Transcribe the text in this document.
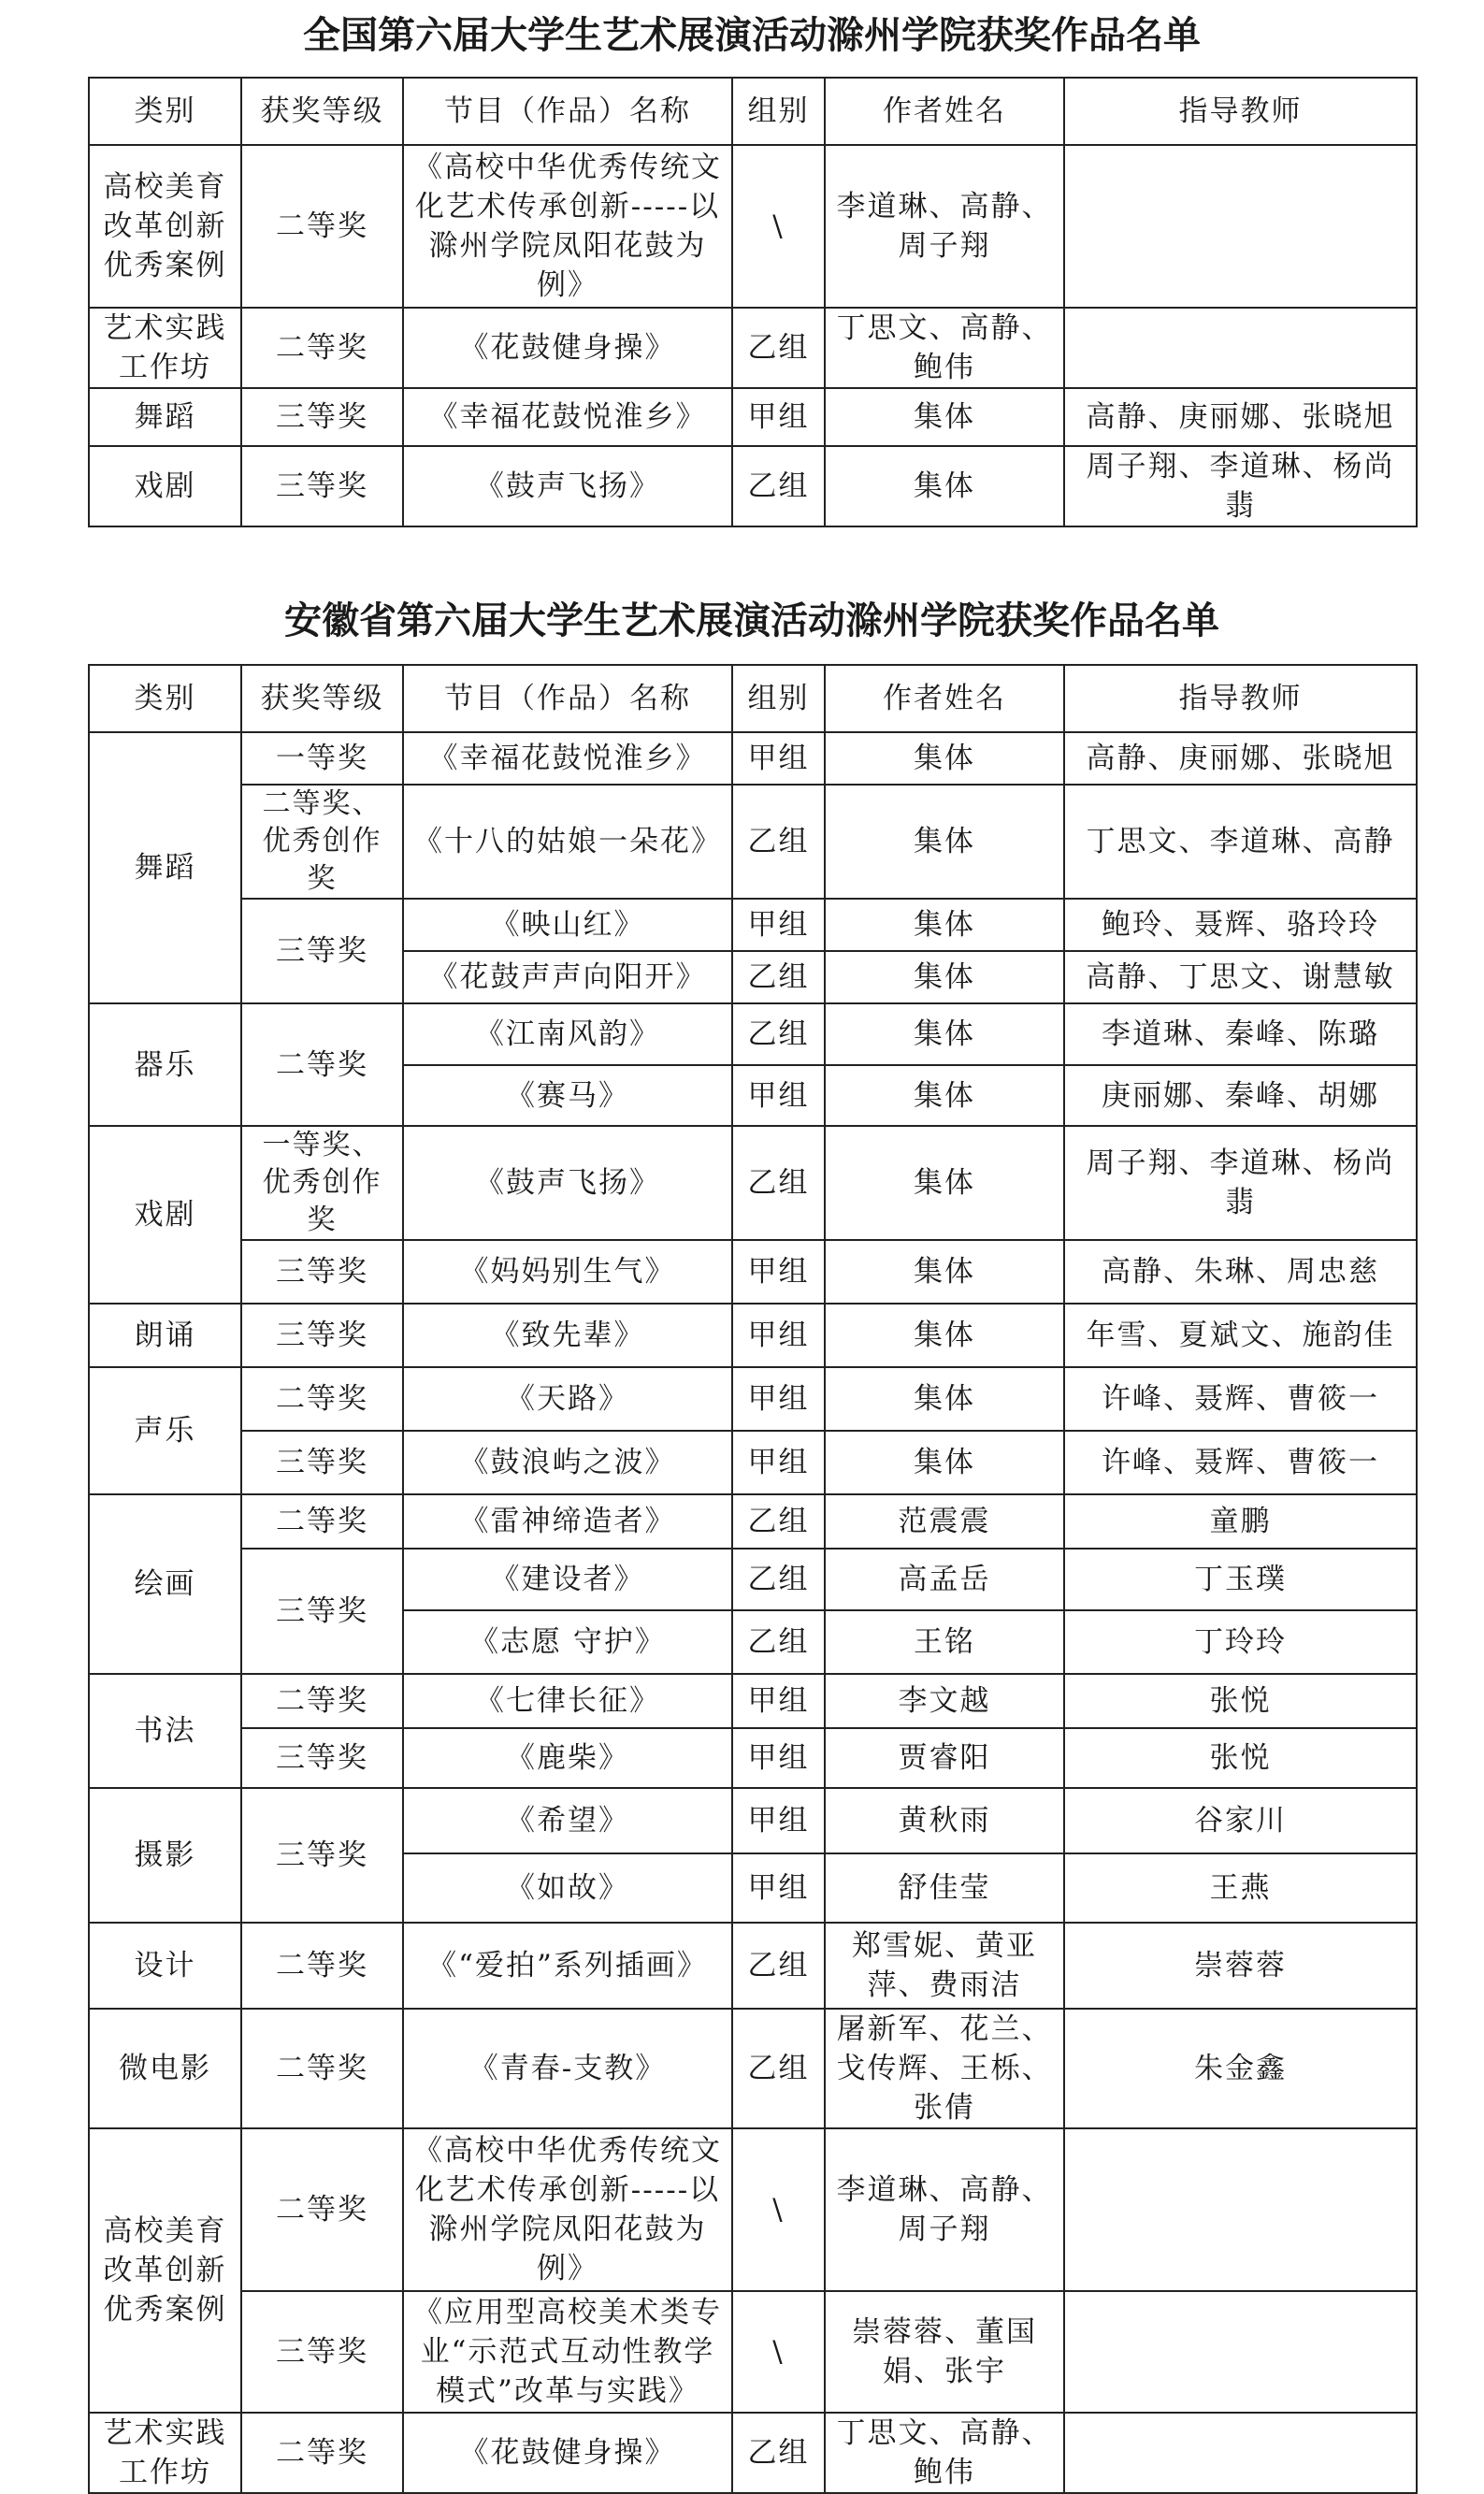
全国第六届大学生艺术展演活动滁州学院获奖作品名单
类别	获奖等级	节目（作品）名称	组别	作者姓名	指导教师
高校美育改革创新优秀案例	二等奖	《高校中华优秀传统文化艺术传承创新-----以滁州学院凤阳花鼓为例》	\	李道琳、高静、周子翔	
艺术实践工作坊	二等奖	《花鼓健身操》	乙组	丁思文、高静、鲍伟	
舞蹈	三等奖	《幸福花鼓悦淮乡》	甲组	集体	高静、庚丽娜、张晓旭
戏剧	三等奖	《鼓声飞扬》	乙组	集体	周子翔、李道琳、杨尚翡
安徽省第六届大学生艺术展演活动滁州学院获奖作品名单
类别	获奖等级	节目（作品）名称	组别	作者姓名	指导教师
舞蹈	一等奖	《幸福花鼓悦淮乡》	甲组	集体	高静、庚丽娜、张晓旭
	二等奖、优秀创作奖	《十八的姑娘一朵花》	乙组	集体	丁思文、李道琳、高静
	三等奖	《映山红》	甲组	集体	鲍玲、聂辉、骆玲玲
		《花鼓声声向阳开》	乙组	集体	高静、丁思文、谢慧敏
器乐	二等奖	《江南风韵》	乙组	集体	李道琳、秦峰、陈璐
		《赛马》	甲组	集体	庚丽娜、秦峰、胡娜
戏剧	一等奖、优秀创作奖	《鼓声飞扬》	乙组	集体	周子翔、李道琳、杨尚翡
	三等奖	《妈妈别生气》	甲组	集体	高静、朱琳、周忠慈
朗诵	三等奖	《致先辈》	甲组	集体	年雪、夏斌文、施韵佳
声乐	二等奖	《天路》	甲组	集体	许峰、聂辉、曹筱一
	三等奖	《鼓浪屿之波》	甲组	集体	许峰、聂辉、曹筱一
绘画	二等奖	《雷神缔造者》	乙组	范震震	童鹏
	三等奖	《建设者》	乙组	高孟岳	丁玉璞
		《志愿 守护》	乙组	王铭	丁玲玲
书法	二等奖	《七律长征》	甲组	李文越	张悦
	三等奖	《鹿柴》	甲组	贾睿阳	张悦
摄影	三等奖	《希望》	甲组	黄秋雨	谷家川
		《如故》	甲组	舒佳莹	王燕
设计	二等奖	《“爱拍”系列插画》	乙组	郑雪妮、黄亚萍、费雨洁	崇蓉蓉
微电影	二等奖	《青春-支教》	乙组	屠新军、花兰、戈传辉、王栎、张倩	朱金鑫
高校美育改革创新优秀案例	二等奖	《高校中华优秀传统文化艺术传承创新-----以滁州学院凤阳花鼓为例》	\	李道琳、高静、周子翔	
	三等奖	《应用型高校美术类专业“示范式互动性教学模式”改革与实践》	\	崇蓉蓉、董国娟、张宇	
艺术实践工作坊	二等奖	《花鼓健身操》	乙组	丁思文、高静、鲍伟	
